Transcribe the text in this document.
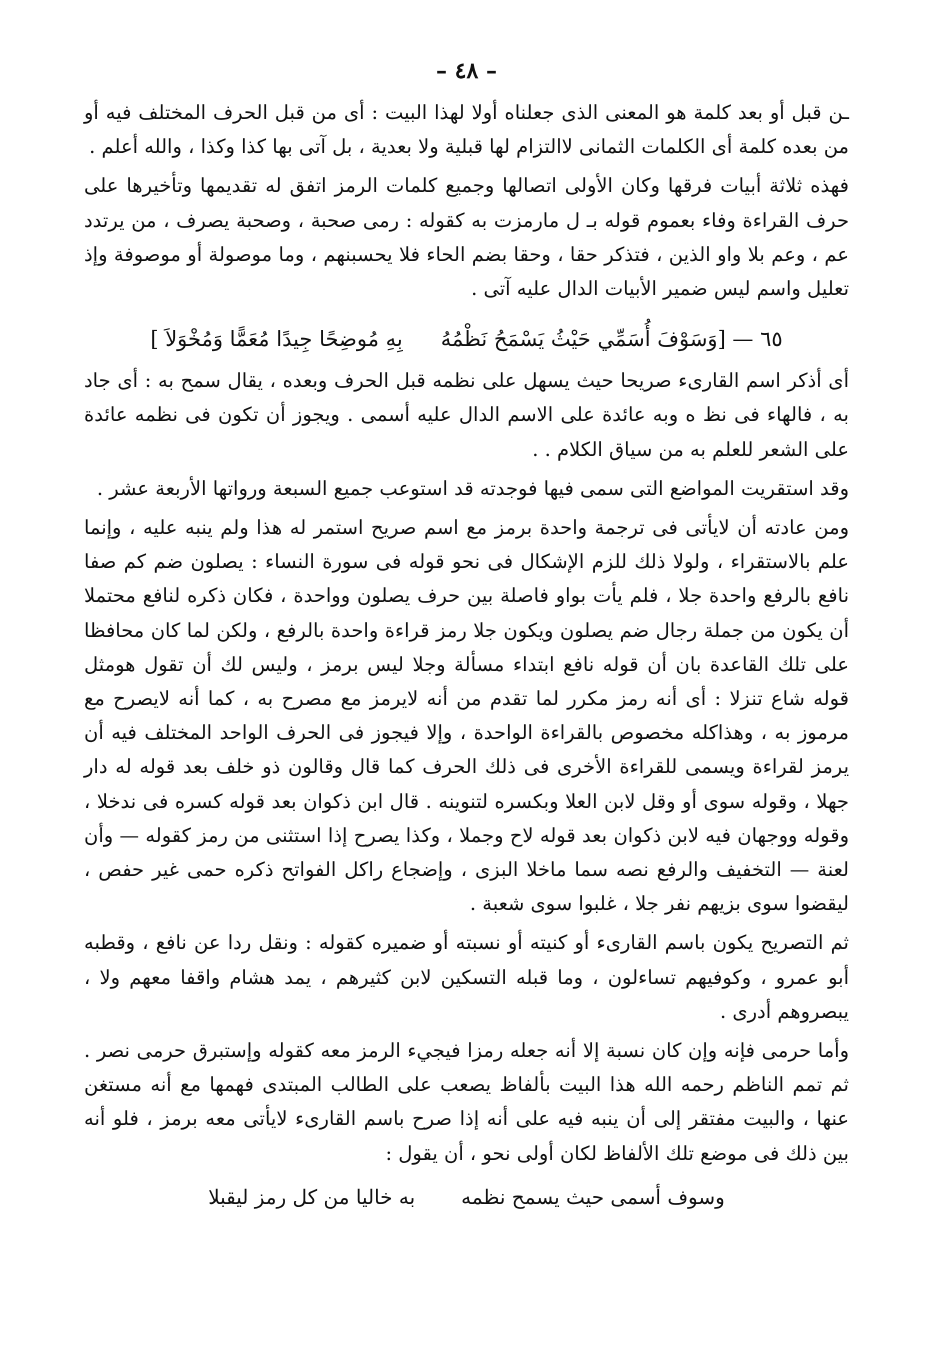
– ٤٨ –

ـن قبل أو بعد كلمة هو المعنى الذى جعلناه أولا لهذا البيت : أى من قبل الحرف المختلف فيه أو من بعده كلمة أى الكلمات الثمانى لاالتزام لها قبلية ولا بعدية ، بل آتى بها كذا وكذا ، والله أعلم .

فهذه ثلاثة أبيات فرقها وكان الأولى اتصالها وجميع كلمات الرمز اتفق له تقديمها وتأخيرها على حرف القراءة وفاء بعموم قوله بـ ل مارمزت به كقوله : رمى صحبة ، وصحبة يصرف ، من يرتدد عم ، وعم بلا واو الذين ، فتذكر حقا ، وحقا بضم الحاء فلا يحسبنهم ، وما موصولة أو موصوفة وإذ تعليل واسم ليس ضمير الأبيات الدال عليه آتى .

٦٥ — [وَسَوْفَ أُسَمِّي حَيْثُ يَسْمَحُ نَظْمُهُ
بِهِ مُوضِحًا جِيدًا مُعَمًّا وَمُخْوَلاَ ]

أى أذكر اسم القارىء صريحا حيث يسهل على نظمه قبل الحرف وبعده ، يقال سمح به : أى جاد به ، فالهاء فى نظ ه وبه عائدة على الاسم الدال عليه أسمى . ويجوز أن تكون فى نظمه عائدة على الشعر للعلم به من سياق الكلام . .

وقد استقريت المواضع التى سمى فيها فوجدته قد استوعب جميع السبعة ورواتها الأربعة عشر .

ومن عادته أن لايأتى فى ترجمة واحدة برمز مع اسم صريح استمر له هذا ولم ينبه عليه ، وإنما علم بالاستقراء ، ولولا ذلك للزم الإشكال فى نحو قوله فى سورة النساء : يصلون ضم كم صفا نافع بالرفع واحدة جلا ، فلم يأت بواو فاصلة بين حرف يصلون وواحدة ، فكان ذكره لنافع محتملا أن يكون من جملة رجال ضم يصلون ويكون جلا رمز قراءة واحدة بالرفع ، ولكن لما كان محافظا على تلك القاعدة بان أن قوله نافع ابتداء مسألة وجلا ليس برمز ، وليس لك أن تقول هومثل قوله شاع تنزلا : أى أنه رمز مكرر لما تقدم من أنه لايرمز مع مصرح به ، كما أنه لايصرح مع مرموز به ، وهذاكله مخصوص بالقراءة الواحدة ، وإلا فيجوز فى الحرف الواحد المختلف فيه أن يرمز لقراءة ويسمى للقراءة الأخرى فى ذلك الحرف كما قال وقالون ذو خلف بعد قوله له دار جهلا ، وقوله سوى أو وقل لابن العلا وبكسره لتنوينه . قال ابن ذكوان بعد قوله كسره فى ندخلا ، وقوله ووجهان فيه لابن ذكوان بعد قوله لاح وجملا ، وكذا يصرح إذا استثنى من رمز كقوله — وأن لعنة — التخفيف والرفع نصه سما ماخلا البزى ، وإضجاع راكل الفواتح ذكره حمى غير حفص ، ليقضوا سوى بزيهم نفر جلا ، غلبوا سوى شعبة .

ثم التصريح يكون باسم القارىء أو كنيته أو نسبته أو ضميره كقوله : ونقل ردا عن نافع ، وقطبه أبو عمرو ، وكوفيهم تساءلون ، وما قبله التسكين لابن كثيرهم ، يمد هشام واقفا معهم ولا ، يبصروهم أدرى .

وأما حرمى فإنه وإن كان نسبة إلا أنه جعله رمزا فيجيء الرمز معه كقوله وإستبرق حرمى نصر . ثم تمم الناظم رحمه الله هذا البيت بألفاظ يصعب على الطالب المبتدى فهمها مع أنه مستغن عنها ، والبيت مفتقر إلى أن ينبه فيه على أنه إذا صرح باسم القارىء لايأتى معه برمز ، فلو أنه بين ذلك فى موضع تلك الألفاظ لكان أولى نحو ، أن يقول :

وسوف أسمى حيث يسمح نظمه
به خاليا من كل رمز ليقبلا
